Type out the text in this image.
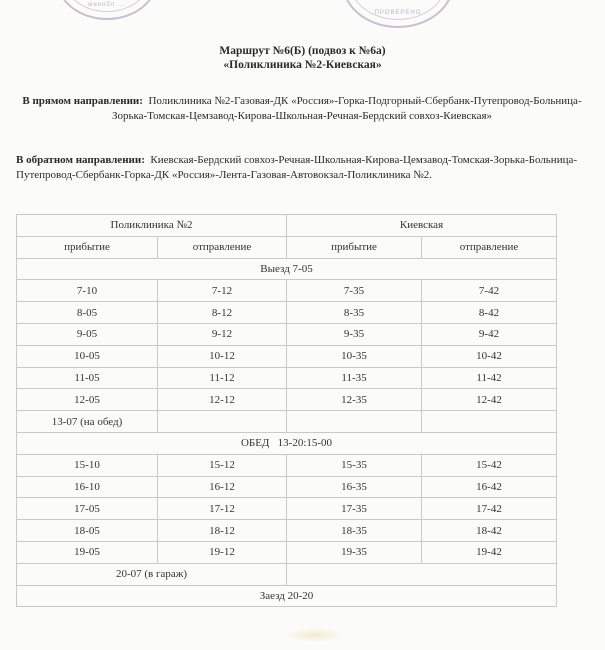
минобл ...
ПРОВЕРЕНО
Маршрут №6(Б) (подвоз к №6а)
«Поликлиника №2-Киевская»
В прямом направлении: Поликлиника №2-Газовая-ДК «Россия»-Горка-Подгорный-Сбербанк-Путепровод-Больница-Зорька-Томская-Цемзавод-Кирова-Школьная-Речная-Бердский совхоз-Киевская»
В обратном направлении: Киевская-Бердский совхоз-Речная-Школьная-Кирова-Цемзавод-Томская-Зорька-Больница-Путепровод-Сбербанк-Горка-ДК «Россия»-Лента-Газовая-Автовокзал-Поликлиника №2.
Поликлиника №2		Киевская	
прибытие	отправление	прибытие	отправление
Выезд 7-05			
7-10	7-12	7-35	7-42
8-05	8-12	8-35	8-42
9-05	9-12	9-35	9-42
10-05	10-12	10-35	10-42
11-05	11-12	11-35	11-42
12-05	12-12	12-35	12-42
13-07 (на обед)			
ОБЕД   13-20:15-00			
15-10	15-12	15-35	15-42
16-10	16-12	16-35	16-42
17-05	17-12	17-35	17-42
18-05	18-12	18-35	18-42
19-05	19-12	19-35	19-42
20-07 (в гараж)			
Заезд 20-20			
